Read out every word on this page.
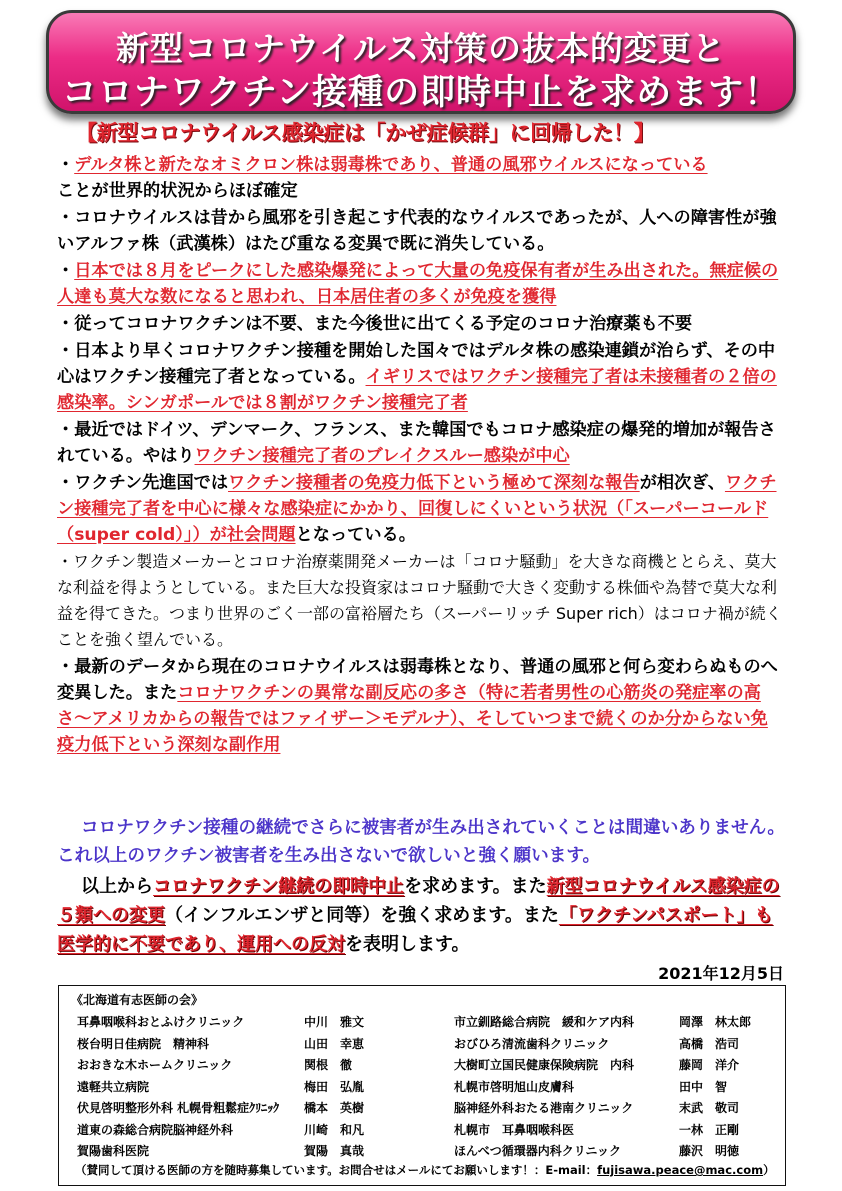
新型コロナウイルス対策の抜本的変更と
コロナワクチン接種の即時中止を求めます！
【新型コロナウイルス感染症は「かぜ症候群」に回帰した！】
・デルタ株と新たなオミクロン株は弱毒株であり、普通の風邪ウイルスになっている
ことが世界的状況からほぼ確定
・コロナウイルスは昔から風邪を引き起こす代表的なウイルスであったが、人への障害性が強いアルファ株（武漢株）はたび重なる変異で既に消失している。
・日本では８月をピークにした感染爆発によって大量の免疫保有者が生み出された。無症候の人達も莫大な数になると思われ、日本居住者の多くが免疫を獲得
・従ってコロナワクチンは不要、また今後世に出てくる予定のコロナ治療薬も不要
・日本より早くコロナワクチン接種を開始した国々ではデルタ株の感染連鎖が治らず、その中心はワクチン接種完了者となっている。イギリスではワクチン接種完了者は未接種者の２倍の感染率。シンガポールでは８割がワクチン接種完了者
・最近ではドイツ、デンマーク、フランス、また韓国でもコロナ感染症の爆発的増加が報告されている。やはりワクチン接種完了者のブレイクスルー感染が中心
・ワクチン先進国ではワクチン接種者の免疫力低下という極めて深刻な報告が相次ぎ、ワクチン接種完了者を中心に様々な感染症にかかり、回復しにくいという状況（「スーパーコールド（super cold）」）が社会問題となっている。
・ワクチン製造メーカーとコロナ治療薬開発メーカーは「コロナ騒動」を大きな商機ととらえ、莫大な利益を得ようとしている。また巨大な投資家はコロナ騒動で大きく変動する株価や為替で莫大な利益を得てきた。つまり世界のごく一部の富裕層たち（スーパーリッチ Super rich）はコロナ禍が続くことを強く望んでいる。
・最新のデータから現在のコロナウイルスは弱毒株となり、普通の風邪と何ら変わらぬものへ変異した。またコロナワクチンの異常な副反応の多さ（特に若者男性の心筋炎の発症率の高さ〜アメリカからの報告ではファイザー＞モデルナ）、そしていつまで続くのか分からない免疫力低下という深刻な副作用
コロナワクチン接種の継続でさらに被害者が生み出されていくことは間違いありません。これ以上のワクチン被害者を生み出さないで欲しいと強く願います。
以上からコロナワクチン継続の即時中止を求めます。また新型コロナウイルス感染症の５類への変更（インフルエンザと同等）を強く求めます。また「ワクチンパスポート」も医学的に不要であり、運用への反対を表明します。
2021年12月5日
《北海道有志医師の会》
耳鼻咽喉科おとふけクリニック	中川　雅文	市立釧路総合病院　緩和ケア内科	岡澤　林太郎
桜台明日佳病院　精神科	山田　幸恵	おびひろ清流歯科クリニック	高橋　浩司
おおきな木ホームクリニック	関根　徹	大樹町立国民健康保険病院　内科	藤岡　洋介
遠軽共立病院	梅田　弘胤	札幌市啓明旭山皮膚科	田中　智
伏見啓明整形外科 札幌骨粗鬆症ｸﾘﾆｯｸ 橋本　英樹	脳神経外科おたる港南クリニック	末武　敬司
道東の森総合病院脳神経外科	川崎　和凡	札幌市　耳鼻咽喉科医	一林　正剛
賀陽歯科医院	賀陽　真哉	ほんべつ循環器内科クリニック	藤沢　明徳
（賛同して頂ける医師の方を随時募集しています。お問合せはメールにてお願いします！：E-mail：fujisawa.peace@mac.com）
